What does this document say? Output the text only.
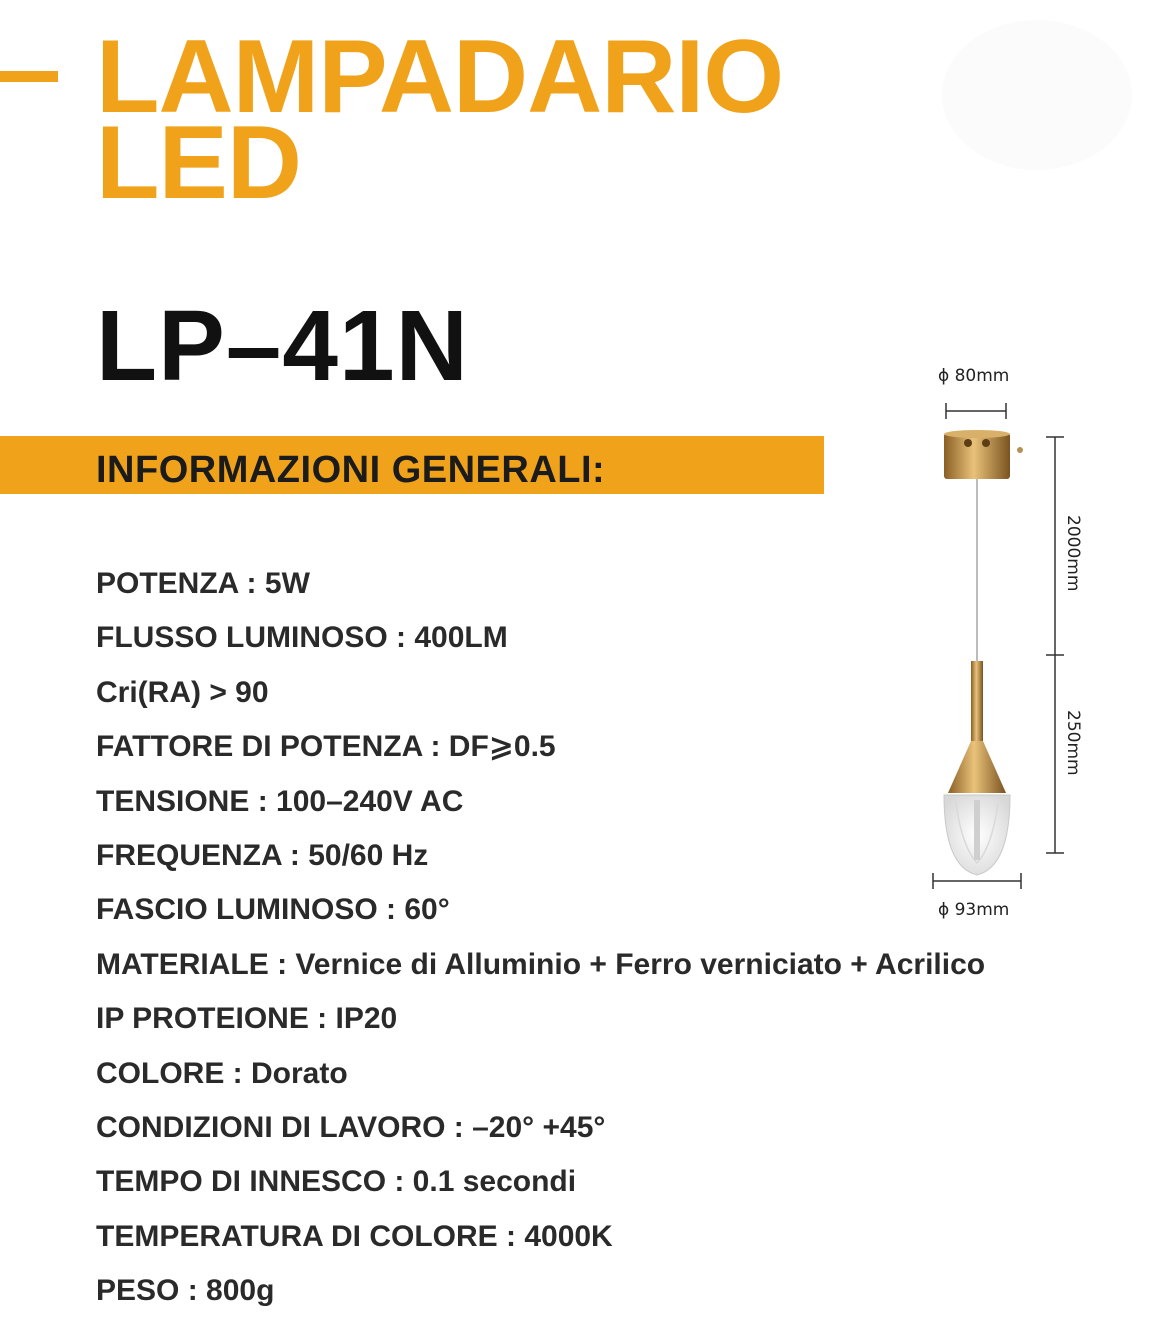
LAMPADARIO
LED
LP–41N
INFORMAZIONI GENERALI:
POTENZA : 5W
FLUSSO LUMINOSO : 400LM
Cri(RA) > 90
FATTORE DI POTENZA : DF⩾0.5
TENSIONE : 100–240V AC
FREQUENZA : 50/60 Hz
FASCIO LUMINOSO : 60°
MATERIALE : Vernice di Alluminio + Ferro verniciato + Acrilico
IP PROTEIONE : IP20
COLORE : Dorato
CONDIZIONI DI LAVORO : –20° +45°
TEMPO DI INNESCO : 0.1 secondi
TEMPERATURA DI COLORE : 4000K
PESO : 800g
ϕ 80mm
2000mm
250mm
ϕ 93mm
